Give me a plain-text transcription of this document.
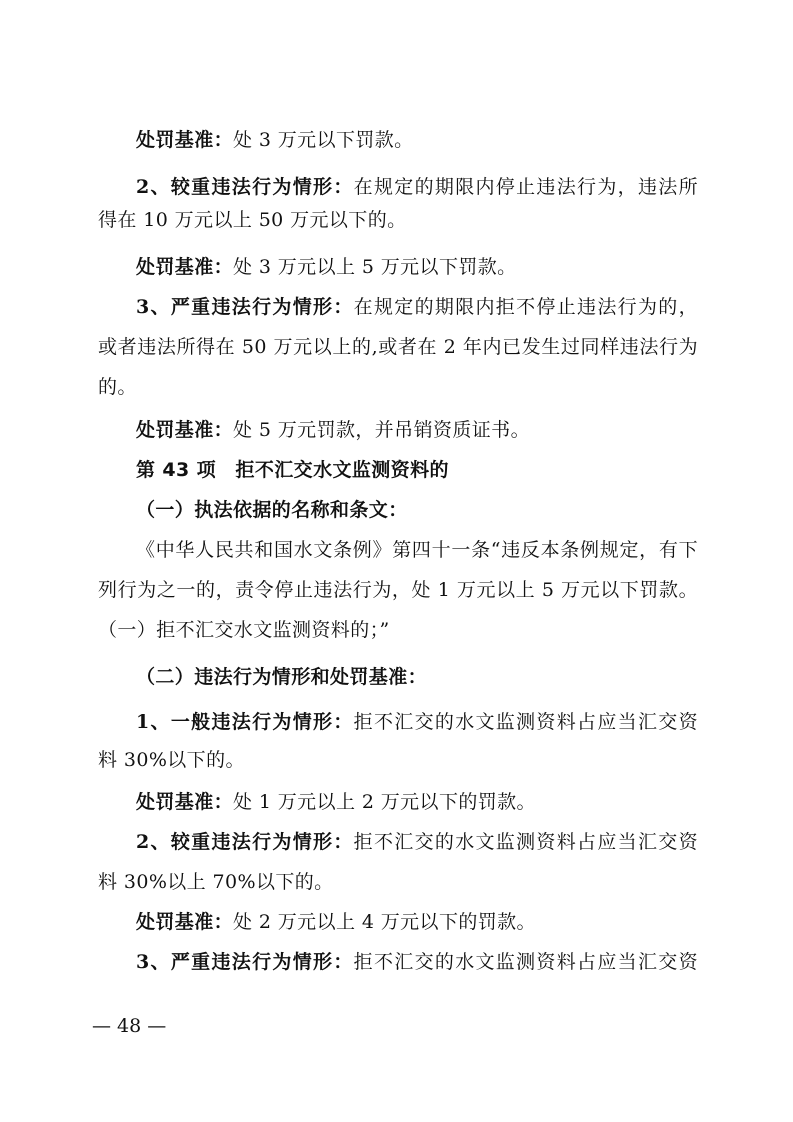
处罚基准：处 3 万元以下罚款。
2、较重违法行为情形：在规定的期限内停止违法行为，违法所
得在 10 万元以上 50 万元以下的。
处罚基准：处 3 万元以上 5 万元以下罚款。
3、严重违法行为情形：在规定的期限内拒不停止违法行为的，
或者违法所得在 50 万元以上的,或者在 2 年内已发生过同样违法行为
的。
处罚基准：处 5 万元罚款，并吊销资质证书。
第 43 项　拒不汇交水文监测资料的
（一）执法依据的名称和条文：
《中华人民共和国水文条例》第四十一条“违反本条例规定，有下
列行为之一的，责令停止违法行为，处 1 万元以上 5 万元以下罚款。
（一）拒不汇交水文监测资料的；”
（二）违法行为情形和处罚基准：
1、一般违法行为情形：拒不汇交的水文监测资料占应当汇交资
料 30%以下的。
处罚基准：处 1 万元以上 2 万元以下的罚款。
2、较重违法行为情形：拒不汇交的水文监测资料占应当汇交资
料 30%以上 70%以下的。
处罚基准：处 2 万元以上 4 万元以下的罚款。
3、严重违法行为情形：拒不汇交的水文监测资料占应当汇交资
— 48 —
